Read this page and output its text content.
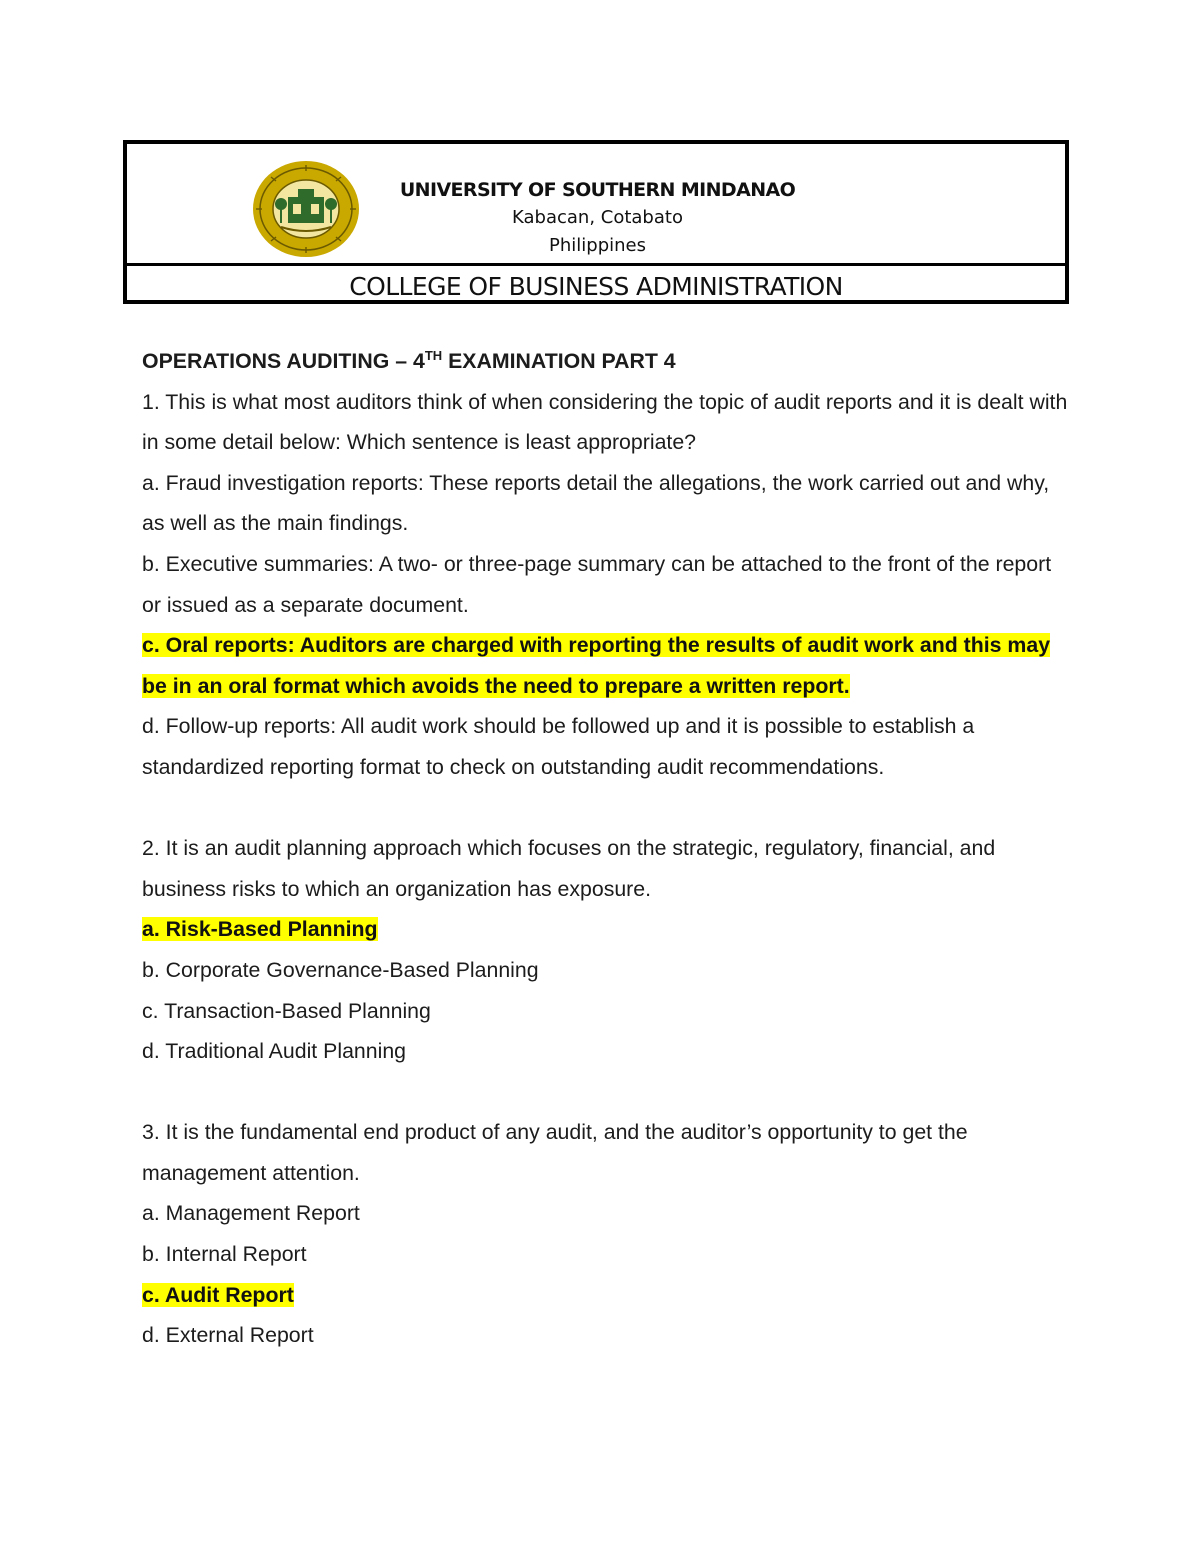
UNIVERSITY OF SOUTHERN MINDANAO
Kabacan, Cotabato
Philippines
COLLEGE OF BUSINESS ADMINISTRATION

OPERATIONS AUDITING – 4TH EXAMINATION PART 4

1. This is what most auditors think of when considering the topic of audit reports and it is dealt with in some detail below: Which sentence is least appropriate?

a. Fraud investigation reports: These reports detail the allegations, the work carried out and why, as well as the main findings.

b. Executive summaries: A two- or three-page summary can be attached to the front of the report or issued as a separate document.

c. Oral reports: Auditors are charged with reporting the results of audit work and this may be in an oral format which avoids the need to prepare a written report.

d. Follow-up reports: All audit work should be followed up and it is possible to establish a standardized reporting format to check on outstanding audit recommendations.

2. It is an audit planning approach which focuses on the strategic, regulatory, financial, and business risks to which an organization has exposure.

a. Risk-Based Planning

b. Corporate Governance-Based Planning

c. Transaction-Based Planning

d. Traditional Audit Planning

3. It is the fundamental end product of any audit, and the auditor’s opportunity to get the management attention.

a. Management Report

b. Internal Report

c. Audit Report

d. External Report
